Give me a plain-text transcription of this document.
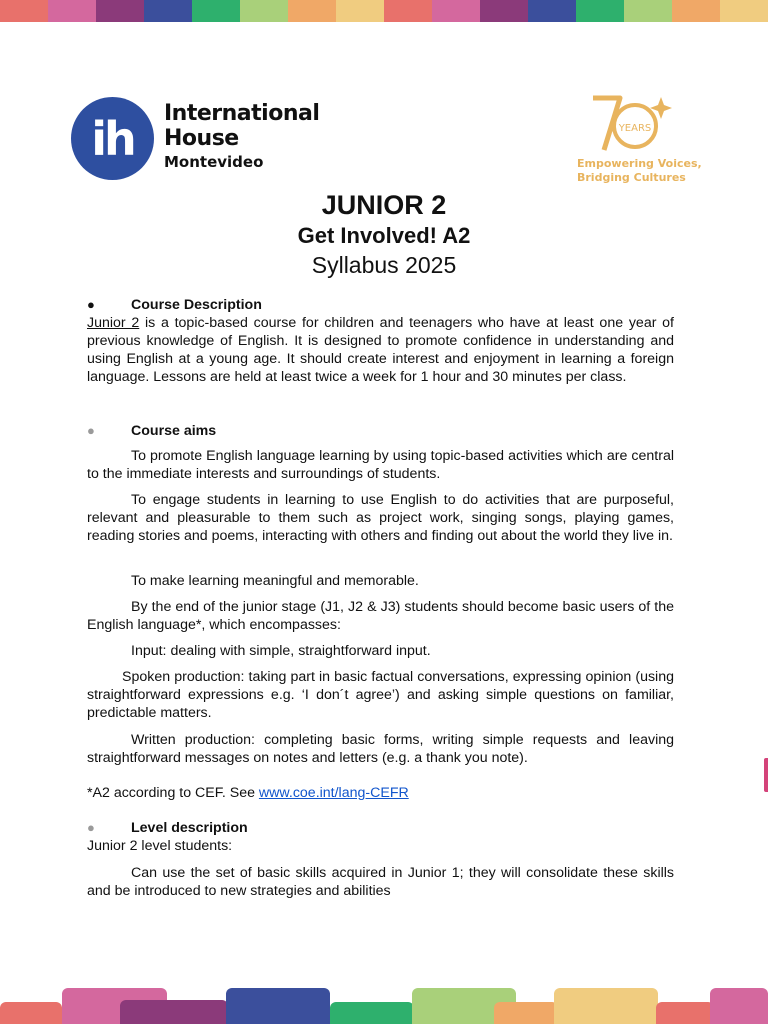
ih	International
House
Montevideo
YEARS
Empowering Voices,
Bridging Cultures
JUNIOR 2
Get Involved! A2
Syllabus 2025
●	Course Description
Junior 2 is a topic-based course for children and teenagers who have at least one year of previous knowledge of English. It is designed to promote confidence in understanding and using English at a young age. It should create interest and enjoyment in learning a foreign language. Lessons are held at least twice a week for 1 hour and 30 minutes per class.
●	Course aims
To promote English language learning by using topic-based activities which are central to the immediate interests and surroundings of students.
To engage students in learning to use English to do activities that are purposeful, relevant and pleasurable to them such as project work, singing songs, playing games, reading stories and poems, interacting with others and finding out about the world they live in.
To make learning meaningful and memorable.
By the end of the junior stage (J1, J2 & J3) students should become basic users of the English language*, which encompasses:
Input: dealing with simple, straightforward input.
Spoken production: taking part in basic factual conversations, expressing opinion (using straightforward expressions e.g. ‘I don´t agree’) and asking simple questions on familiar, predictable matters.
Written production: completing basic forms, writing simple requests and leaving straightforward messages on notes and letters (e.g. a thank you note).
*A2 according to CEF. See www.coe.int/lang-CEFR
●	Level description
Junior 2 level students:
Can use the set of basic skills acquired in Junior 1; they will consolidate these skills and be introduced to new strategies and abilities
